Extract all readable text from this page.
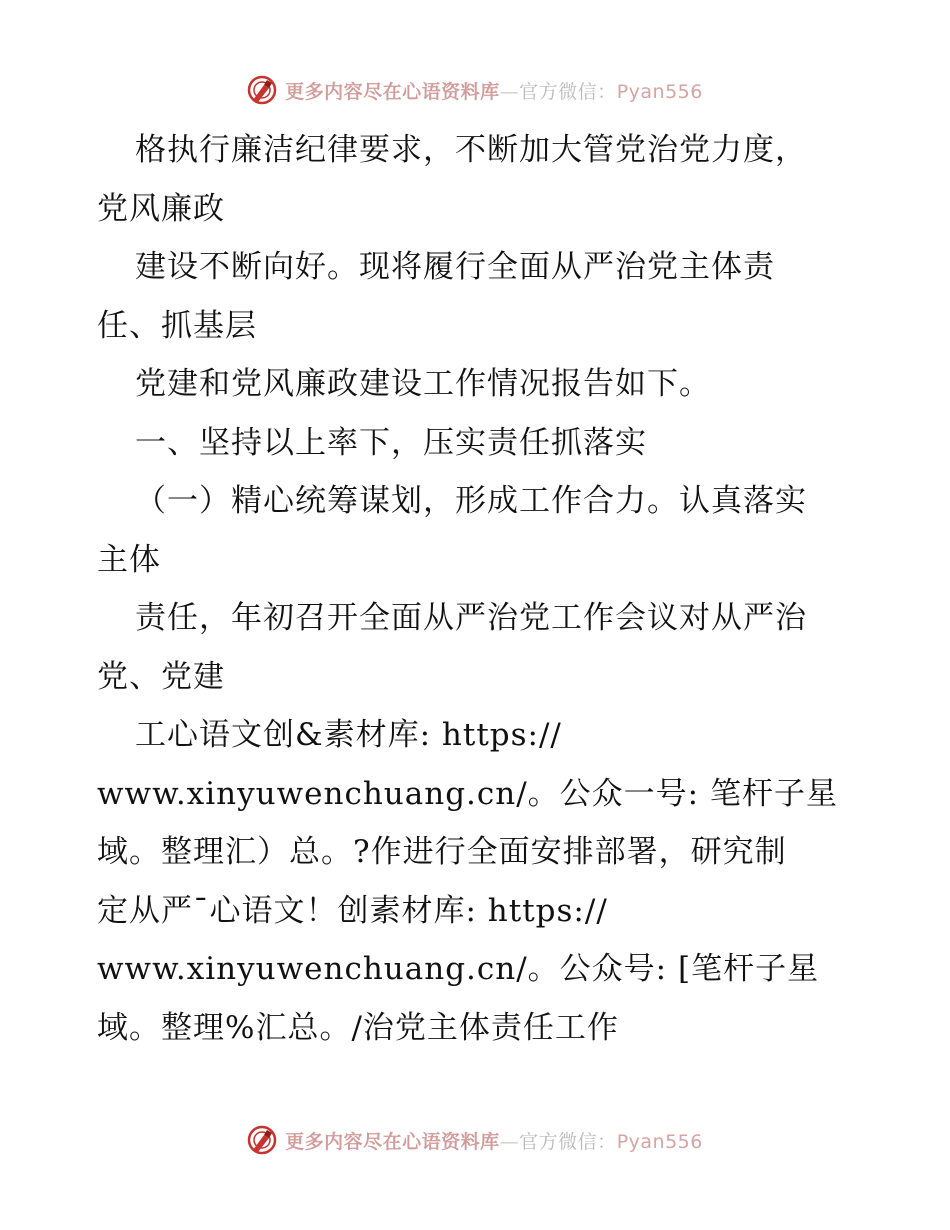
更多内容尽在心语资料库—官方微信：Pyan556
格执行廉洁纪律要求，不断加大管党治党力度，
党风廉政
建设不断向好。现将履行全面从严治党主体责
任、抓基层
党建和党风廉政建设工作情况报告如下。
一、坚持以上率下，压实责任抓落实
（一）精心统筹谋划，形成工作合力。认真落实
主体
责任，年初召开全面从严治党工作会议对从严治
党、党建
工心语文创&素材库: https://
www.xinyuwenchuang.cn/。公众一号: 笔杆子星
域。整理汇）总。?作进行全面安排部署，研究制
定从严¯心语文！创素材库: https://
www.xinyuwenchuang.cn/。公众号: [笔杆子星
域。整理%汇总。/治党主体责任工作
更多内容尽在心语资料库—官方微信：Pyan556
